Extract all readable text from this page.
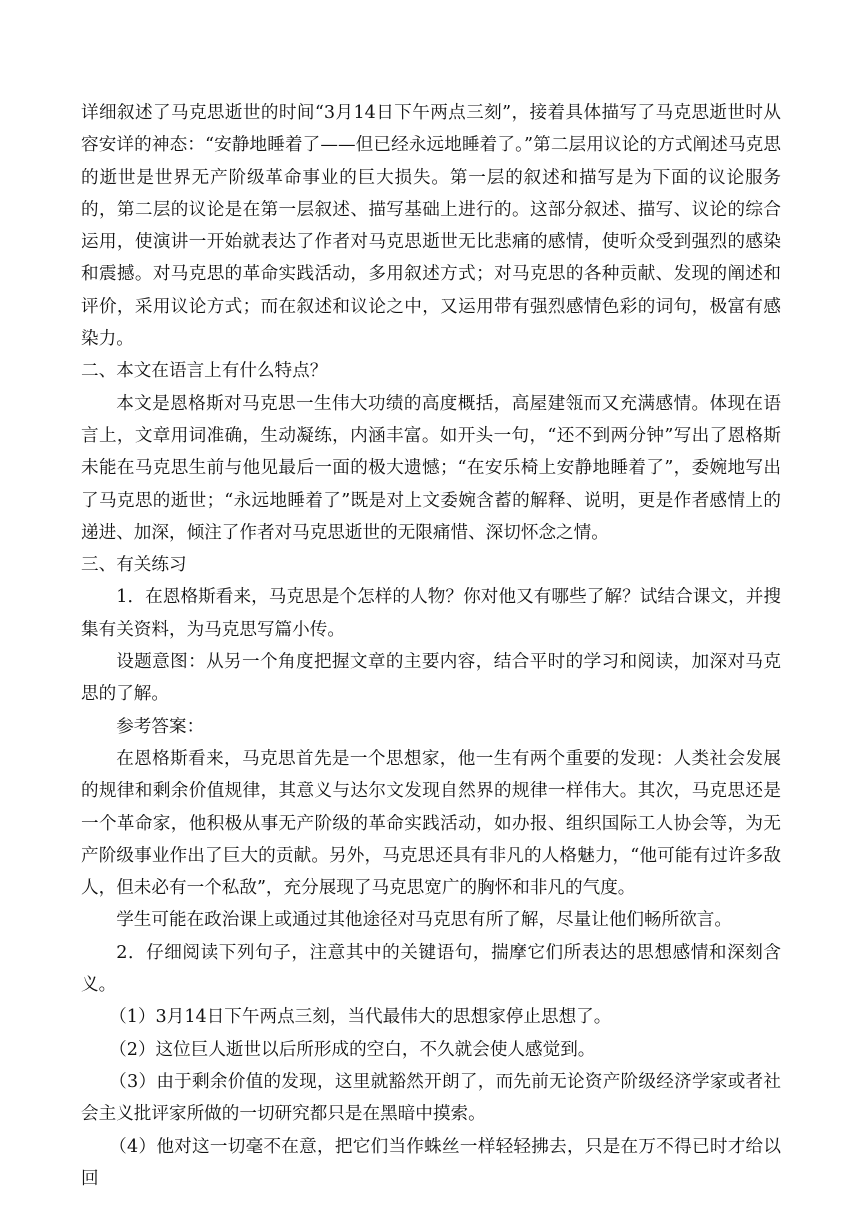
详细叙述了马克思逝世的时间“3月14日下午两点三刻”，接着具体描写了马克思逝世时从容安详的神态：“安静地睡着了——但已经永远地睡着了。”第二层用议论的方式阐述马克思的逝世是世界无产阶级革命事业的巨大损失。第一层的叙述和描写是为下面的议论服务的，第二层的议论是在第一层叙述、描写基础上进行的。这部分叙述、描写、议论的综合运用，使演讲一开始就表达了作者对马克思逝世无比悲痛的感情，使听众受到强烈的感染和震撼。对马克思的革命实践活动，多用叙述方式；对马克思的各种贡献、发现的阐述和评价，采用议论方式；而在叙述和议论之中，又运用带有强烈感情色彩的词句，极富有感染力。

二、本文在语言上有什么特点？

本文是恩格斯对马克思一生伟大功绩的高度概括，高屋建瓴而又充满感情。体现在语言上，文章用词准确，生动凝练，内涵丰富。如开头一句，“还不到两分钟”写出了恩格斯未能在马克思生前与他见最后一面的极大遗憾；“在安乐椅上安静地睡着了”，委婉地写出了马克思的逝世；“永远地睡着了”既是对上文委婉含蓄的解释、说明，更是作者感情上的递进、加深，倾注了作者对马克思逝世的无限痛惜、深切怀念之情。

三、有关练习

1．在恩格斯看来，马克思是个怎样的人物？你对他又有哪些了解？试结合课文，并搜集有关资料，为马克思写篇小传。

设题意图：从另一个角度把握文章的主要内容，结合平时的学习和阅读，加深对马克思的了解。

参考答案：

在恩格斯看来，马克思首先是一个思想家，他一生有两个重要的发现：人类社会发展的规律和剩余价值规律，其意义与达尔文发现自然界的规律一样伟大。其次，马克思还是一个革命家，他积极从事无产阶级的革命实践活动，如办报、组织国际工人协会等，为无产阶级事业作出了巨大的贡献。另外，马克思还具有非凡的人格魅力，“他可能有过许多敌人，但未必有一个私敌”，充分展现了马克思宽广的胸怀和非凡的气度。

学生可能在政治课上或通过其他途径对马克思有所了解，尽量让他们畅所欲言。

2．仔细阅读下列句子，注意其中的关键语句，揣摩它们所表达的思想感情和深刻含义。

（1）3月14日下午两点三刻，当代最伟大的思想家停止思想了。

（2）这位巨人逝世以后所形成的空白，不久就会使人感觉到。

（3）由于剩余价值的发现，这里就豁然开朗了，而先前无论资产阶级经济学家或者社会主义批评家所做的一切研究都只是在黑暗中摸索。

（4）他对这一切毫不在意，把它们当作蛛丝一样轻轻拂去，只是在万不得已时才给以回
